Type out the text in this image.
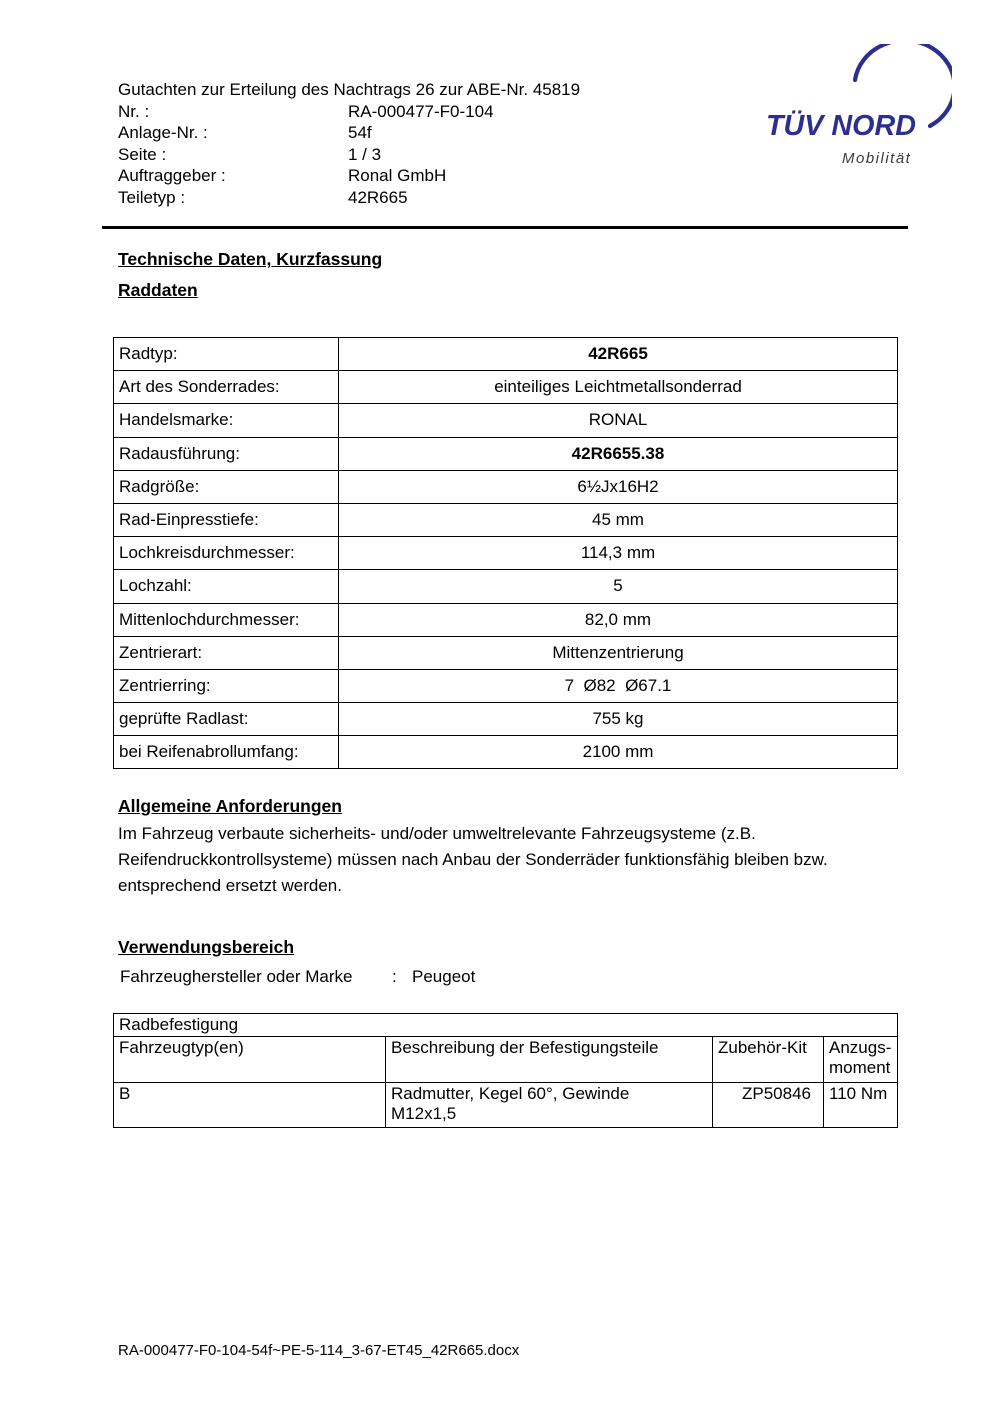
TÜV NORD
Mobilität
Gutachten zur Erteilung des Nachtrags 26 zur ABE-Nr. 45819
Nr. :	RA-000477-F0-104
Anlage-Nr. :	54f
Seite :	1 / 3
Auftraggeber :	Ronal GmbH
Teiletyp :	42R665
Technische Daten, Kurzfassung
Raddaten
Radtyp:	42R665
Art des Sonderrades:	einteiliges Leichtmetallsonderrad
Handelsmarke:	RONAL
Radausführung:	42R6655.38
Radgröße:	6½Jx16H2
Rad-Einpresstiefe:	45 mm
Lochkreisdurchmesser:	114,3 mm
Lochzahl:	5
Mittenlochdurchmesser:	82,0 mm
Zentrierart:	Mittenzentrierung
Zentrierring:	7  Ø82  Ø67.1
geprüfte Radlast:	755 kg
bei Reifenabrollumfang:	2100 mm
Allgemeine Anforderungen
Im Fahrzeug verbaute sicherheits- und/oder umweltrelevante Fahrzeugsysteme (z.B.
Reifendruckkontrollsysteme) müssen nach Anbau der Sonderräder funktionsfähig bleiben bzw.
entsprechend ersetzt werden.
Verwendungsbereich
Fahrzeughersteller oder Marke : Peugeot
Radbefestigung			
Fahrzeugtyp(en)	Beschreibung der Befestigungsteile	Zubehör-Kit	Anzugs-moment
B	Radmutter, Kegel 60°, Gewinde M12x1,5	ZP50846	110 Nm
RA-000477-F0-104-54f~PE-5-114_3-67-ET45_42R665.docx
